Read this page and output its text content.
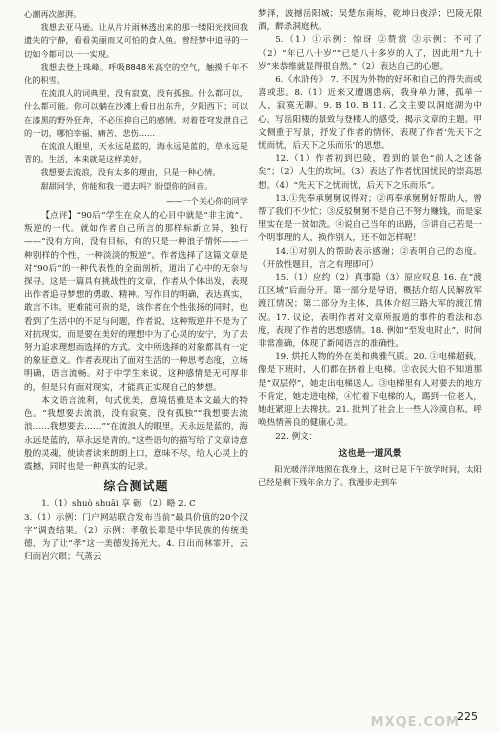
心潮再次澎湃。

我想去亚马逊。让从片片雨林透出来的那一缕阳光找回我遗失的宁静，看看美丽而又可怕的食人鱼。曾经梦中追寻的一切如今都可以一一实现。

我想去登上珠峰。呼吸8848米高空的空气，触摸千年不化的积雪。

在流浪人的词典里，没有寂寞，没有孤独。什么都可以，什么都可能。你可以躺在沙滩上看日出东升，夕阳西下；可以在漆黑的野外狂奔，不必压抑自己的感情。对着苍穹发泄自己的一切，哪怕幸福、痛苦、悲伤……

在流浪人眼里，天永远是蓝的，海永远是蓝的，草永远是青的。生活，本来就是这样美好。

我想要去流浪，没有太多的理由，只是一种心情。

甜甜同学，你能和我一道去吗？盼望你的回音。

——一个关心你的同学

【点评】“90后”学生在众人的心目中就是“非主流”、叛逆的一代。就如作者自己所言的那样标新立异，独行——“没有方向，没有目标，有的只是一种浪子情怀——一种别样的个性，一种淡淡的叛逆”。作者选择了这篇文章是对“90后”的一种代表性的全面剖析，道出了心中的无奈与探寻。这是一篇具有挑战性的文章，作者从个体出发，表现出作者追寻梦想的勇敢、精神。写作目的明确，表达真实，敢言不讳。更难能可贵的是，该作者在个性张扬的同时，也看到了生活中的不足与问题，作者说，这种叛逆并不是为了对抗现实，而是要在美好的理想中为了心灵的安宁，为了去努力追求理想而选择的方式。文中所选择的对象都具有一定的象征意义。作者表现出了面对生活的一种思考态度，立场明确，语言流畅。对于中学生来说，这种感情是无可厚非的，但是只有面对现实，才能真正实现自己的梦想。

本文语言流利，句式优美，意境恬雅是本文最大的特色。“我想要去流浪，没有寂寞，没有孤独”“我想要去流浪……我想要去……”“在流浪人的眼里，天永远是蓝的，海永远是蓝的，草永远是青的。”这些语句的描写给了文章诗意般的灵魂，使读者读来朗朗上口，意味不尽，给人心灵上的震撼，同时也是一种真实的记录。

综合测试题

1.（1）shuò shuāi 享 砺 （2）略 2. C

3.（1）示例：门户网站联合发布当前“最具价值的20个汉字”调查结果。（2）示例：孝敬长辈是中华民族的传统美德，为了让“孝”这一美德发扬光大。4. 日出而林霏开，云归而岩穴暝；气蒸云

梦泽，波撼岳阳城；吴楚东南坼，乾坤日夜浮；巴陵无限酒，醉杀洞庭秋。

5.（1）①示例：惊讶 ②赞赏 ③示例：不可了（2）“年已八十岁”“已是八十多岁的人了，因此用“九十岁”来恭维就显得很自然。”（2）表达自己的心愿。

6.《水浒传》 7. 不因为外物的好坏和自己的得失而或喜或悲。8.（1）近来又遭遇患病，我身单力薄，孤单一人，寂寞无聊。9. B 10. B 11. 乙文主要以洞庭湖为中心，写岳阳楼的景致与登楼人的感受，揭示文章的主题。甲文侧重于写景，抒发了作者的情怀，表现了作者‘先天下之忧而忧，后天下之乐而乐’的思想。

12.（1）作者初到巴陵，看到的景色“前人之述备矣”；（2）人生的坎坷。（3）表达了作者忧国忧民的崇高思想。（4）“先天下之忧而忧，后天下之乐而乐”。

13.①先奉承舅舅说得对；②再奉承舅舅好帮助人，曾帮了我们不少忙；③反驳舅舅不是自己不努力赚钱，而是家里实在是一贫如洗。④说自己当年的出路，⑤讲自己若是一个明事理的人，换作别人，还不如怎样呢！

14.①对别人的帮助表示感谢；②表明自己的态度。（开放性题目，言之有理即可）

15.（1）应约（2）真事隐（3）原应叹息 16. 在“渡江区域”后面分开。第一部分是导语，概括介绍人民解放军渡江情况；第二部分为主体，具体介绍三路大军的渡江情况。17. 议论，表明作者对文章所报道的事件的看法和态度，表现了作者的思想感情。18. 例如“至发电时止”，时间非常准确，体现了新闻语言的准确性。

19. 烘托人物的外在美和典雅气质。20. ①电梯超载，像是下班时，人们都在挤着上电梯。②农民大伯不知道那是“双层停”，她走出电梯送人。③电梯里有人对要去的地方不肯定，她走进电梯，④忙着下电梯的人，踢到一位老人，她赶紧迎上去搀扶。21. 批判了社会上一些人冷漠自私，呼唤热情善良的健康心灵。

22. 例文：

这也是一道风景

阳光暖洋洋地照在我身上，这时已是下午放学时间，太阳已经是剩下残年余力了。我漫步走到车

MXQE.COM
225
